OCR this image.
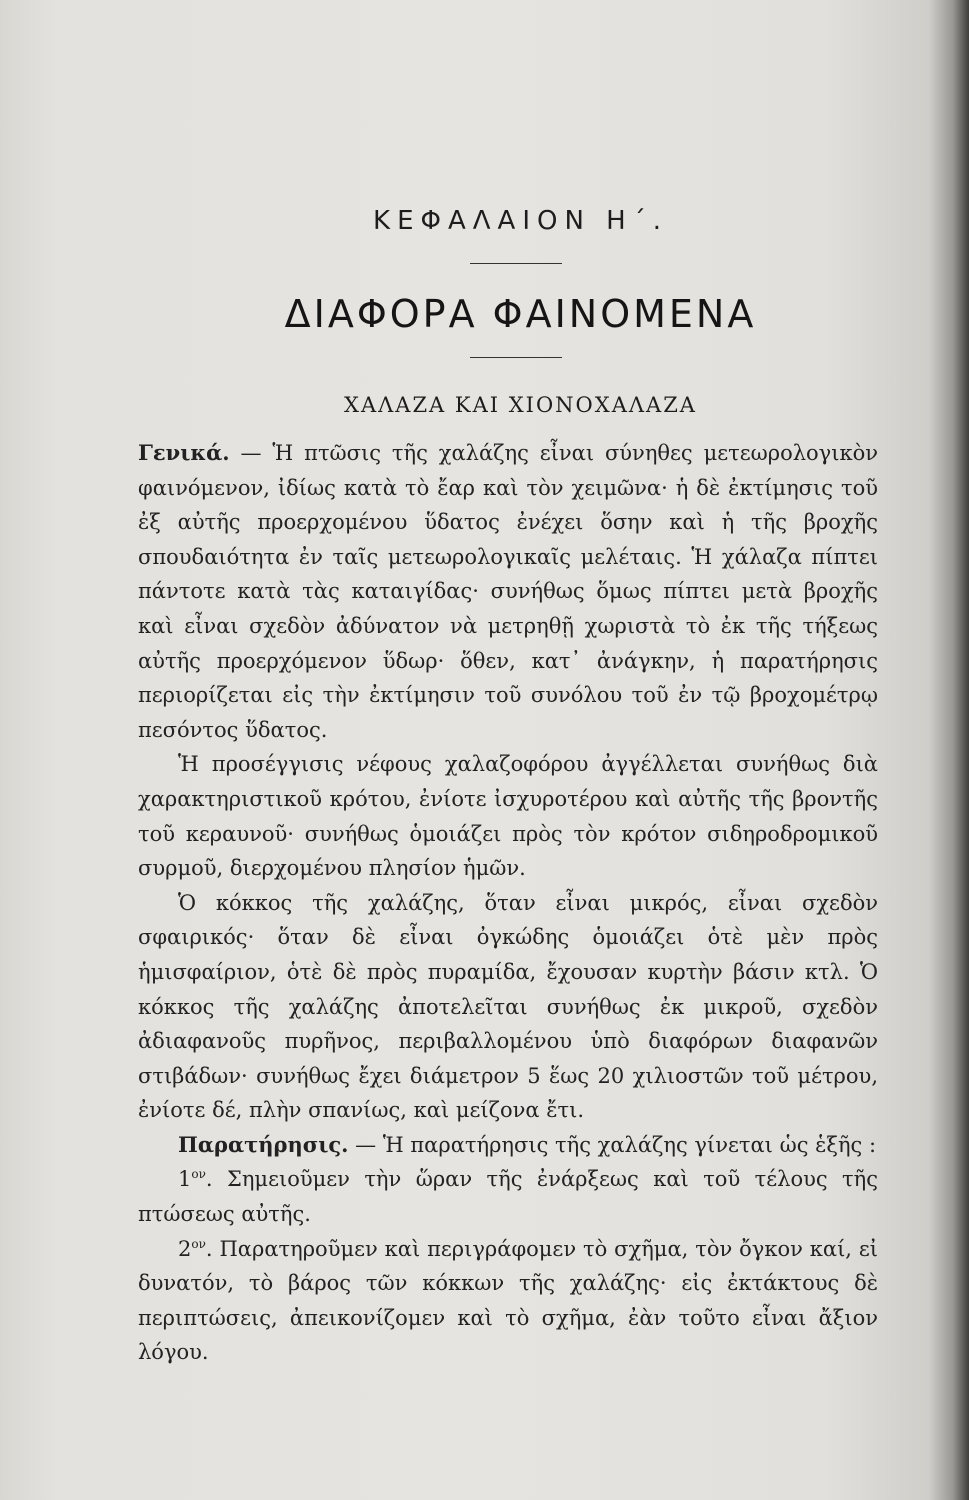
ΚΕΦΑΛΑΙΟΝ Η΄.
ΔΙΑΦΟΡΑ ΦΑΙΝΟΜΕΝΑ
ΧΑΛΑΖΑ ΚΑΙ ΧΙΟΝΟΧΑΛΑΖΑ

Γενικά. — Ἡ πτῶσις τῆς χαλάζης εἶναι σύνηθες μετεωρολογικὸν φαινόμενον, ἰδίως κατὰ τὸ ἔαρ καὶ τὸν χειμῶνα· ἡ δὲ ἐκτίμησις τοῦ ἐξ αὐτῆς προερχομένου ὕδατος ἐνέχει ὅσην καὶ ἡ τῆς βροχῆς σπουδαιότητα ἐν ταῖς μετεωρολογικαῖς μελέταις. Ἡ χάλαζα πίπτει πάντοτε κατὰ τὰς καταιγίδας· συνήθως ὅμως πίπτει μετὰ βροχῆς καὶ εἶναι σχεδὸν ἀδύνατον νὰ μετρηθῇ χωριστὰ τὸ ἐκ τῆς τήξεως αὐτῆς προερχόμενον ὕδωρ· ὅθεν, κατ᾽ ἀνάγκην, ἡ παρατήρησις περιορίζεται εἰς τὴν ἐκτίμησιν τοῦ συνόλου τοῦ ἐν τῷ βροχομέτρῳ πεσόντος ὕδατος.

Ἡ προσέγγισις νέφους χαλαζοφόρου ἀγγέλλεται συνήθως διὰ χαρακτηριστικοῦ κρότου, ἐνίοτε ἰσχυροτέρου καὶ αὐτῆς τῆς βροντῆς τοῦ κεραυνοῦ· συνήθως ὁμοιάζει πρὸς τὸν κρότον σιδηροδρομικοῦ συρμοῦ, διερχομένου πλησίον ἡμῶν.

Ὁ κόκκος τῆς χαλάζης, ὅταν εἶναι μικρός, εἶναι σχεδὸν σφαιρικός· ὅταν δὲ εἶναι ὀγκώδης ὁμοιάζει ὁτὲ μὲν πρὸς ἡμισφαίριον, ὁτὲ δὲ πρὸς πυραμίδα, ἔχουσαν κυρτὴν βάσιν κτλ. Ὁ κόκκος τῆς χαλάζης ἀποτελεῖται συνήθως ἐκ μικροῦ, σχεδὸν ἀδιαφανοῦς πυρῆνος, περιβαλλομένου ὑπὸ διαφόρων διαφανῶν στιβάδων· συνήθως ἔχει διάμετρον 5 ἕως 20 χιλιοστῶν τοῦ μέτρου, ἐνίοτε δέ, πλὴν σπανίως, καὶ μείζονα ἔτι.

Παρατήρησις. — Ἡ παρατήρησις τῆς χαλάζης γίνεται ὡς ἑξῆς :

$1^{o\nu}$. Σημειοῦμεν τὴν ὥραν τῆς ἐνάρξεως καὶ τοῦ τέλους τῆς πτώσεως αὐτῆς.

$2^{o\nu}$. Παρατηροῦμεν καὶ περιγράφομεν τὸ σχῆμα, τὸν ὄγκον καί, εἰ δυνατόν, τὸ βάρος τῶν κόκκων τῆς χαλάζης· εἰς ἐκτάκτους δὲ περιπτώσεις, ἀπεικονίζομεν καὶ τὸ σχῆμα, ἐὰν τοῦτο εἶναι ἄξιον λόγου.
